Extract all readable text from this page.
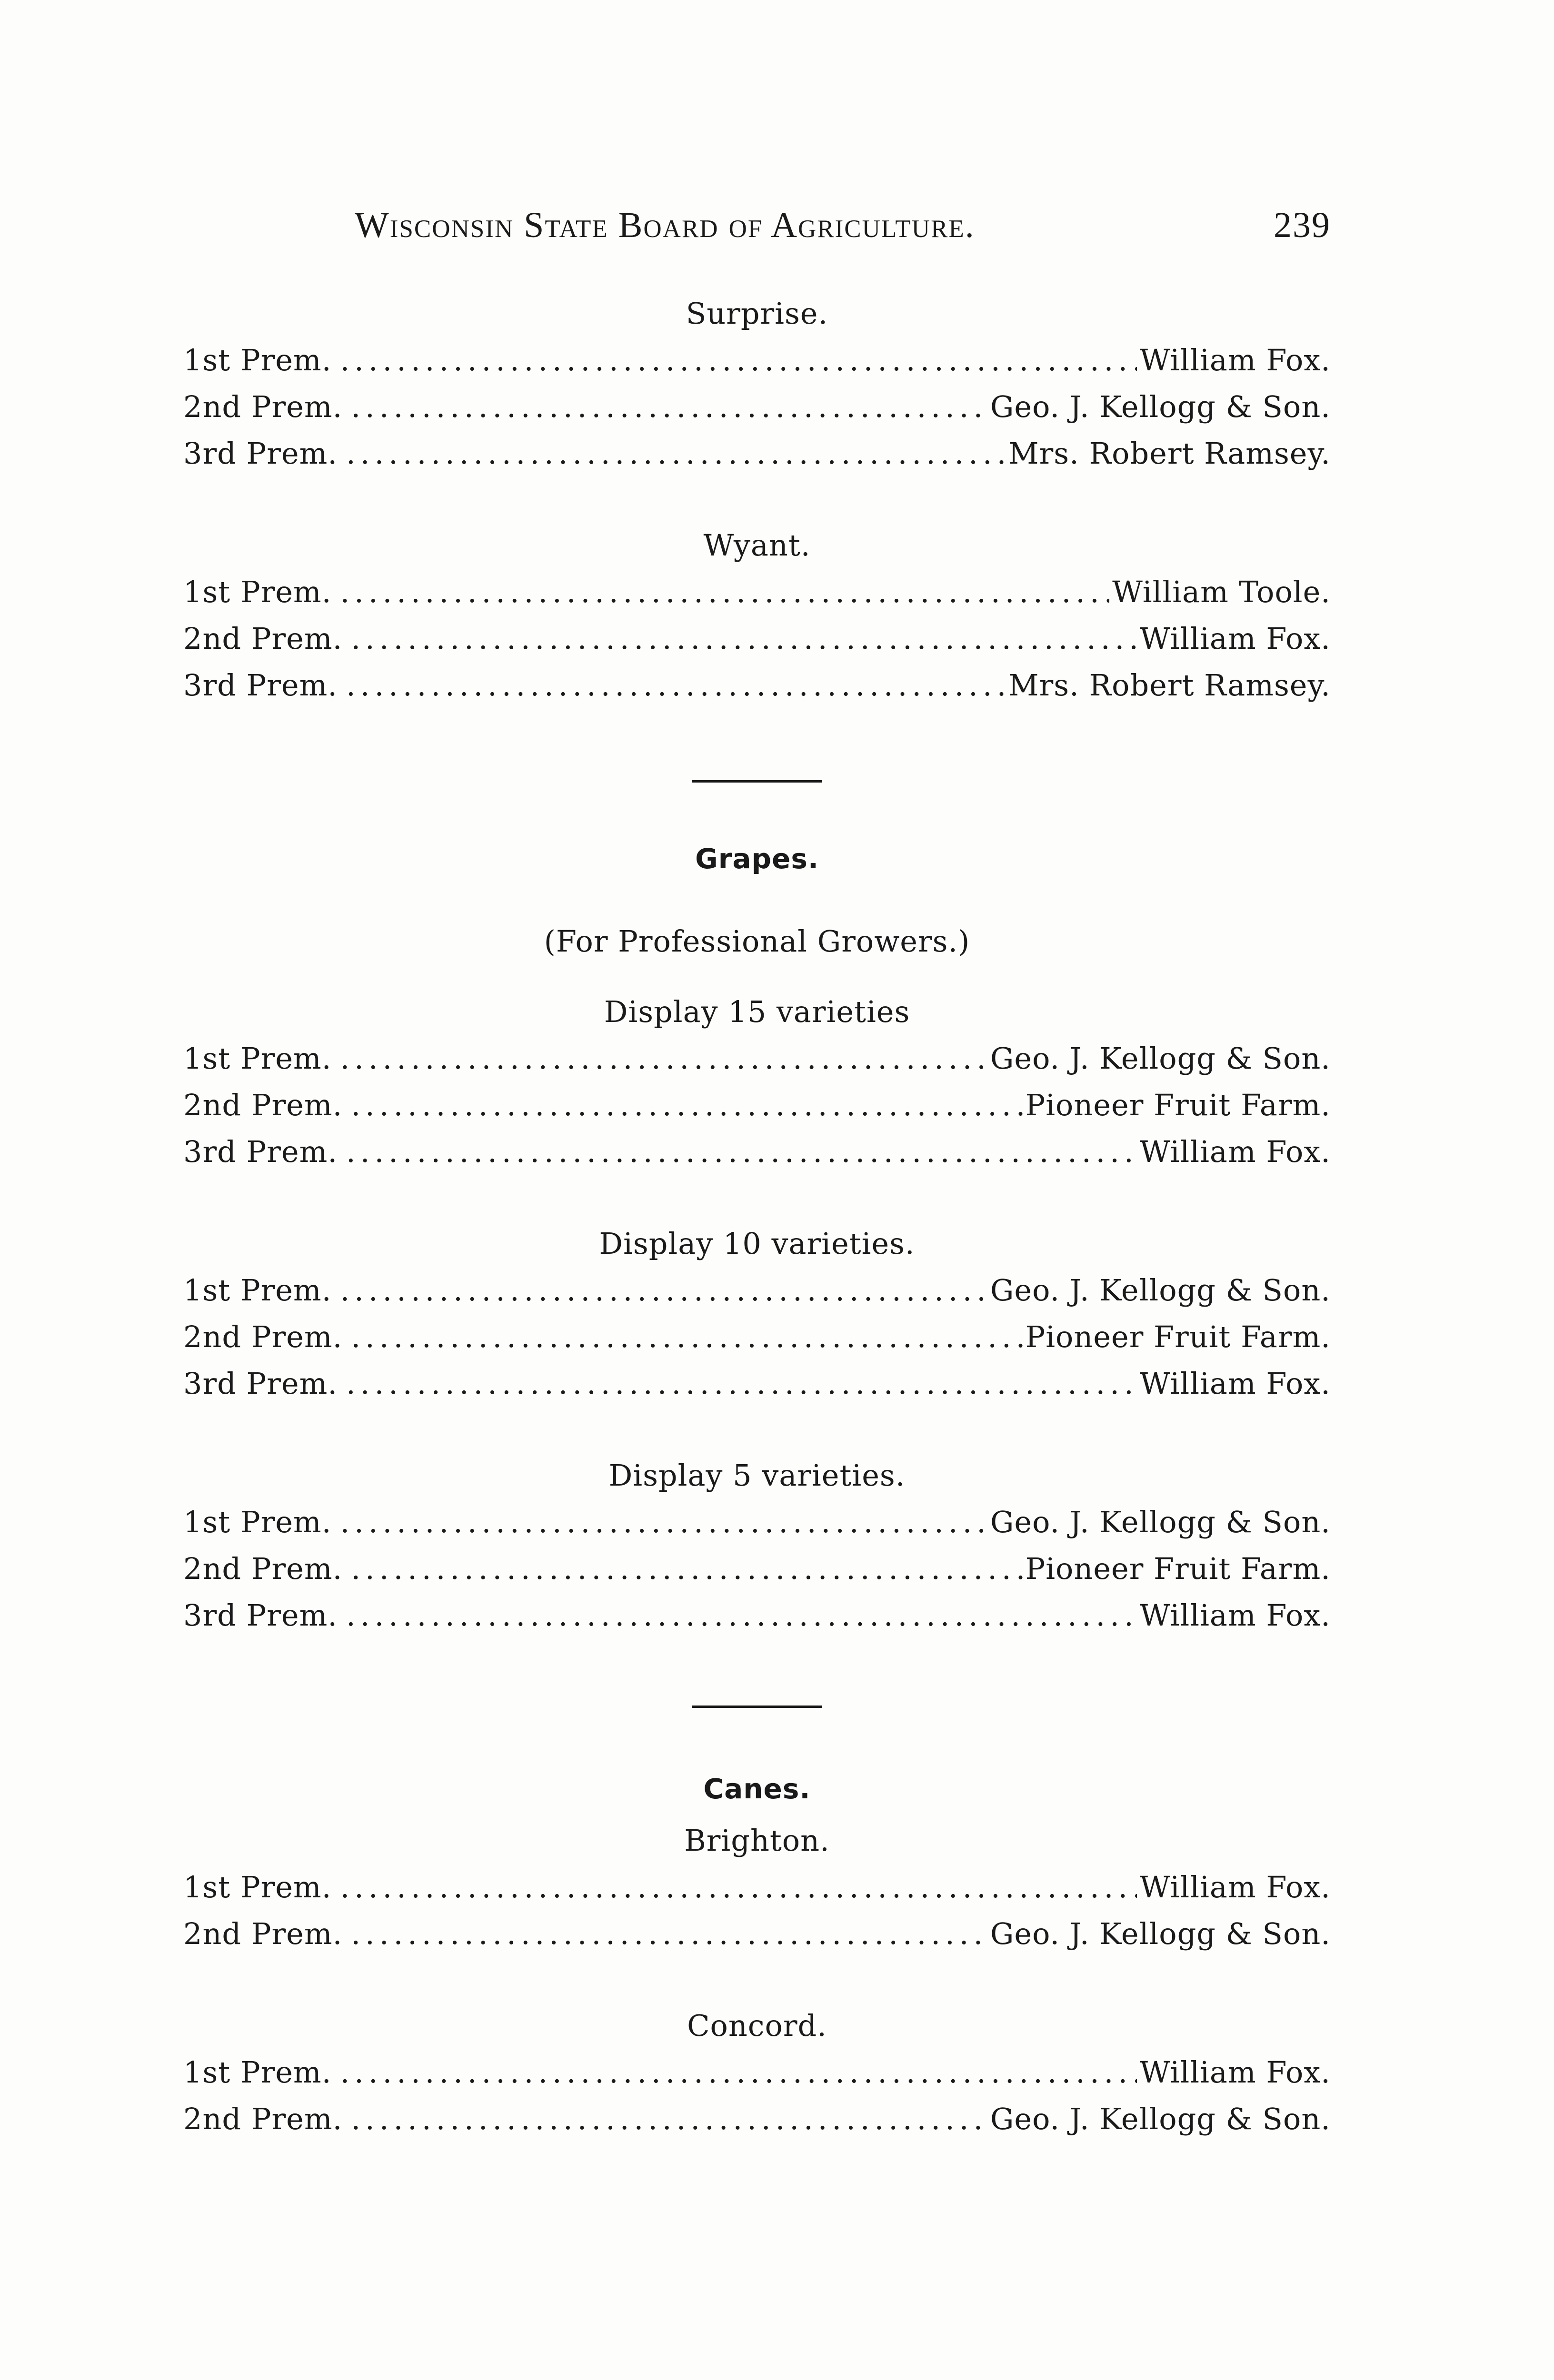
Wisconsin State Board of Agriculture.	239
Surprise.
1st Prem. .....	William Fox.
2nd Prem. .....	Geo. J. Kellogg & Son.
3rd Prem. .....	Mrs. Robert Ramsey.
Wyant.
1st Prem. .....	William Toole.
2nd Prem. .....	William Fox.
3rd Prem. .....	Mrs. Robert Ramsey.
Grapes.
(For Professional Growers.)
Display 15 varieties
1st Prem. .....	Geo. J. Kellogg & Son.
2nd Prem. .....	Pioneer Fruit Farm.
3rd Prem. .....	William Fox.
Display 10 varieties.
1st Prem. .....	Geo. J. Kellogg & Son.
2nd Prem. .....	Pioneer Fruit Farm.
3rd Prem. .....	William Fox.
Display 5 varieties.
1st Prem. .....	Geo. J. Kellogg & Son.
2nd Prem. .....	Pioneer Fruit Farm.
3rd Prem. .....	William Fox.
Canes.
Brighton.
1st Prem. .....	William Fox.
2nd Prem. .....	Geo. J. Kellogg & Son.
Concord.
1st Prem. .....	William Fox.
2nd Prem. .....	Geo. J. Kellogg & Son.
